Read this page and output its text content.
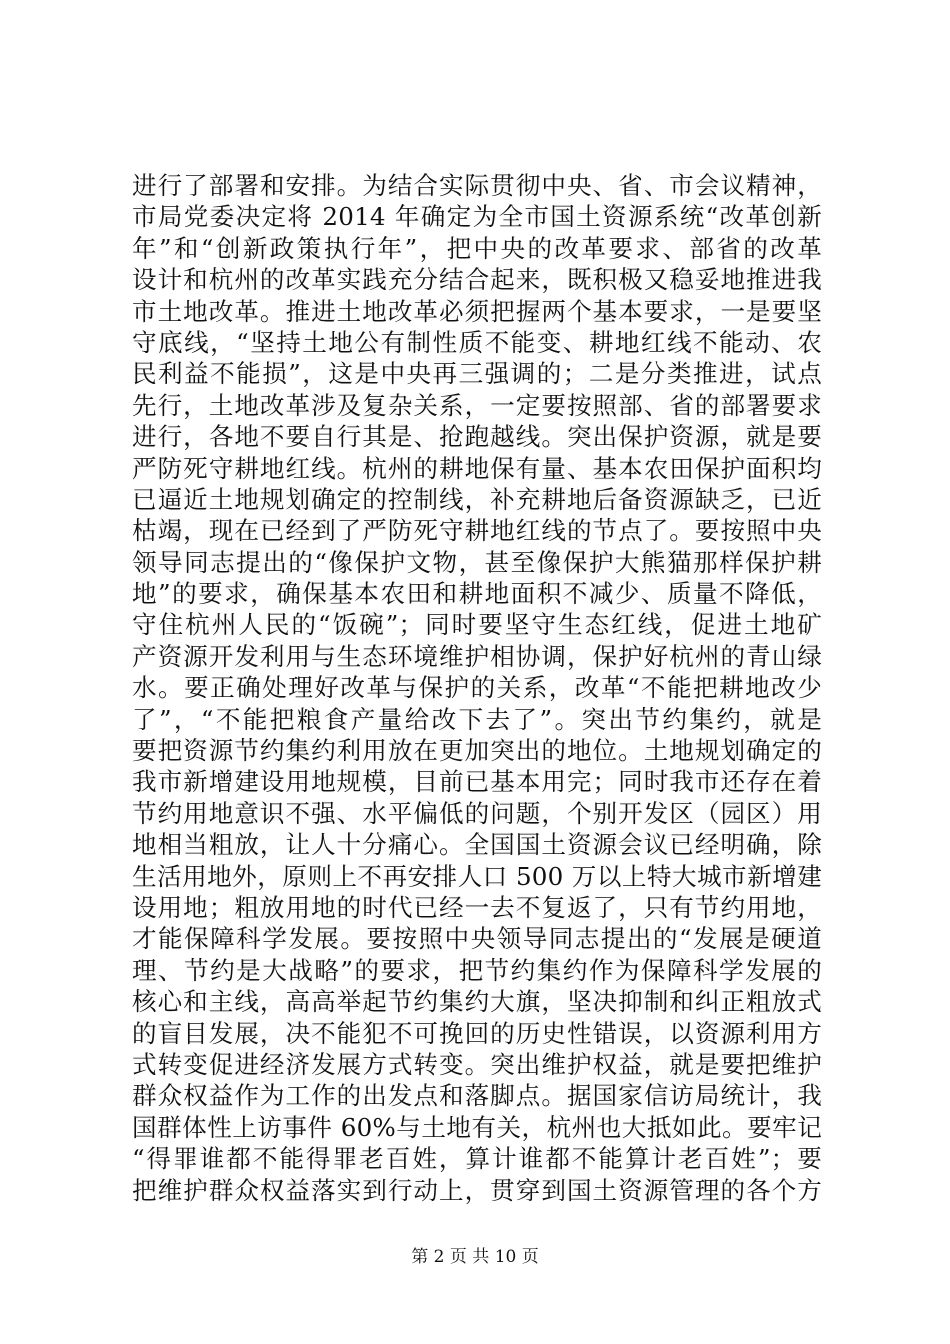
进行了部署和安排。为结合实际贯彻中央、省、市会议精神，
市局党委决定将 2014 年确定为全市国土资源系统“改革创新
年”和“创新政策执行年”，把中央的改革要求、部省的改革
设计和杭州的改革实践充分结合起来，既积极又稳妥地推进我
市土地改革。推进土地改革必须把握两个基本要求，一是要坚
守底线，“坚持土地公有制性质不能变、耕地红线不能动、农
民利益不能损”，这是中央再三强调的；二是分类推进，试点
先行，土地改革涉及复杂关系，一定要按照部、省的部署要求
进行，各地不要自行其是、抢跑越线。突出保护资源，就是要
严防死守耕地红线。杭州的耕地保有量、基本农田保护面积均
已逼近土地规划确定的控制线，补充耕地后备资源缺乏，已近
枯竭，现在已经到了严防死守耕地红线的节点了。要按照中央
领导同志提出的“像保护文物，甚至像保护大熊猫那样保护耕
地”的要求，确保基本农田和耕地面积不减少、质量不降低，
守住杭州人民的“饭碗”；同时要坚守生态红线，促进土地矿
产资源开发利用与生态环境维护相协调，保护好杭州的青山绿
水。要正确处理好改革与保护的关系，改革“不能把耕地改少
了”，“不能把粮食产量给改下去了”。突出节约集约，就是
要把资源节约集约利用放在更加突出的地位。土地规划确定的
我市新增建设用地规模，目前已基本用完；同时我市还存在着
节约用地意识不强、水平偏低的问题，个别开发区（园区）用
地相当粗放，让人十分痛心。全国国土资源会议已经明确，除
生活用地外，原则上不再安排人口 500 万以上特大城市新增建
设用地；粗放用地的时代已经一去不复返了，只有节约用地，
才能保障科学发展。要按照中央领导同志提出的“发展是硬道
理、节约是大战略”的要求，把节约集约作为保障科学发展的
核心和主线，高高举起节约集约大旗，坚决抑制和纠正粗放式
的盲目发展，决不能犯不可挽回的历史性错误，以资源利用方
式转变促进经济发展方式转变。突出维护权益，就是要把维护
群众权益作为工作的出发点和落脚点。据国家信访局统计，我
国群体性上访事件 60%与土地有关，杭州也大抵如此。要牢记
“得罪谁都不能得罪老百姓，算计谁都不能算计老百姓”；要
把维护群众权益落实到行动上，贯穿到国土资源管理的各个方
第 2 页 共 10 页
